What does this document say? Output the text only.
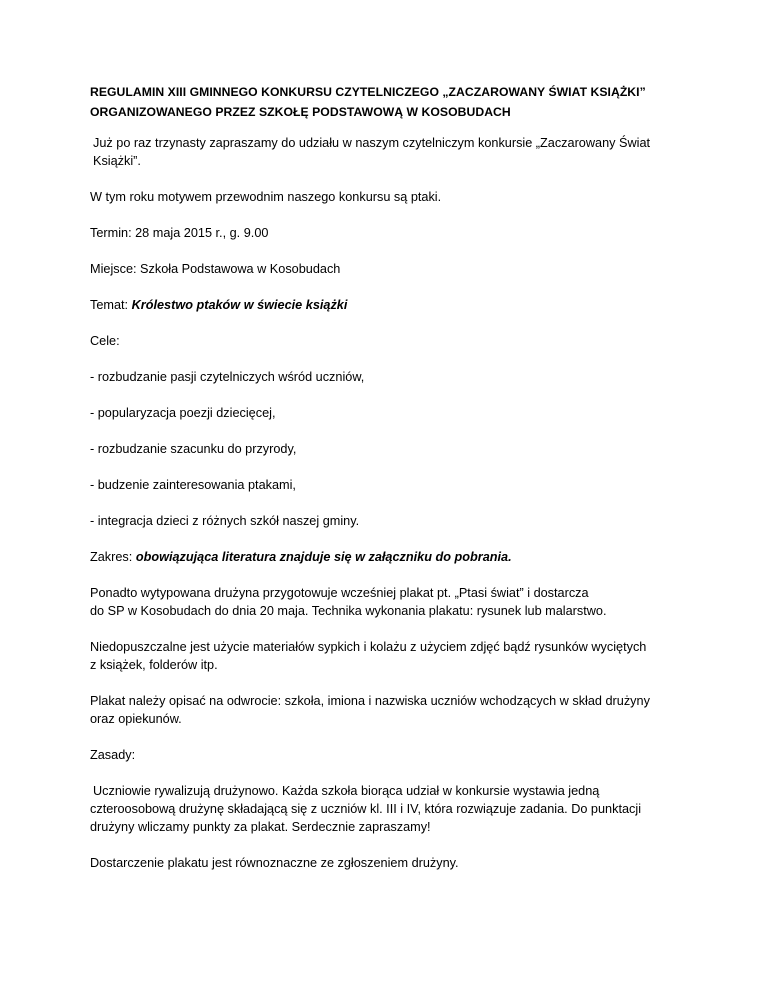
REGULAMIN XIII GMINNEGO KONKURSU CZYTELNICZEGO „ZACZAROWANY ŚWIAT KSIĄŻKI”
ORGANIZOWANEGO PRZEZ SZKOŁĘ PODSTAWOWĄ W KOSOBUDACH

Już po raz trzynasty zapraszamy do udziału w naszym czytelniczym konkursie „Zaczarowany Świat
Książki”.

W tym roku motywem przewodnim naszego konkursu są ptaki.

Termin: 28 maja 2015 r., g. 9.00

Miejsce: Szkoła Podstawowa w Kosobudach

Temat: Królestwo ptaków w świecie książki

Cele:

- rozbudzanie pasji czytelniczych wśród uczniów,

- popularyzacja poezji dziecięcej,

- rozbudzanie szacunku do przyrody,

- budzenie zainteresowania ptakami,

- integracja dzieci z różnych szkół naszej gminy.

Zakres: obowiązująca literatura znajduje się w załączniku do pobrania.

Ponadto wytypowana drużyna przygotowuje wcześniej plakat pt. „Ptasi świat” i dostarcza
do SP w Kosobudach do dnia 20 maja. Technika wykonania plakatu: rysunek lub malarstwo.

Niedopuszczalne jest użycie materiałów sypkich i kolażu z użyciem zdjęć bądź rysunków wyciętych
z książek, folderów itp.

Plakat należy opisać na odwrocie: szkoła, imiona i nazwiska uczniów wchodzących w skład drużyny
oraz opiekunów.

Zasady:

Uczniowie rywalizują drużynowo. Każda szkoła biorąca udział w konkursie wystawia jedną
czteroosobową drużynę składającą się z uczniów kl. III i IV, która rozwiązuje zadania. Do punktacji
drużyny wliczamy punkty za plakat. Serdecznie zapraszamy!

Dostarczenie plakatu jest równoznaczne ze zgłoszeniem drużyny.
